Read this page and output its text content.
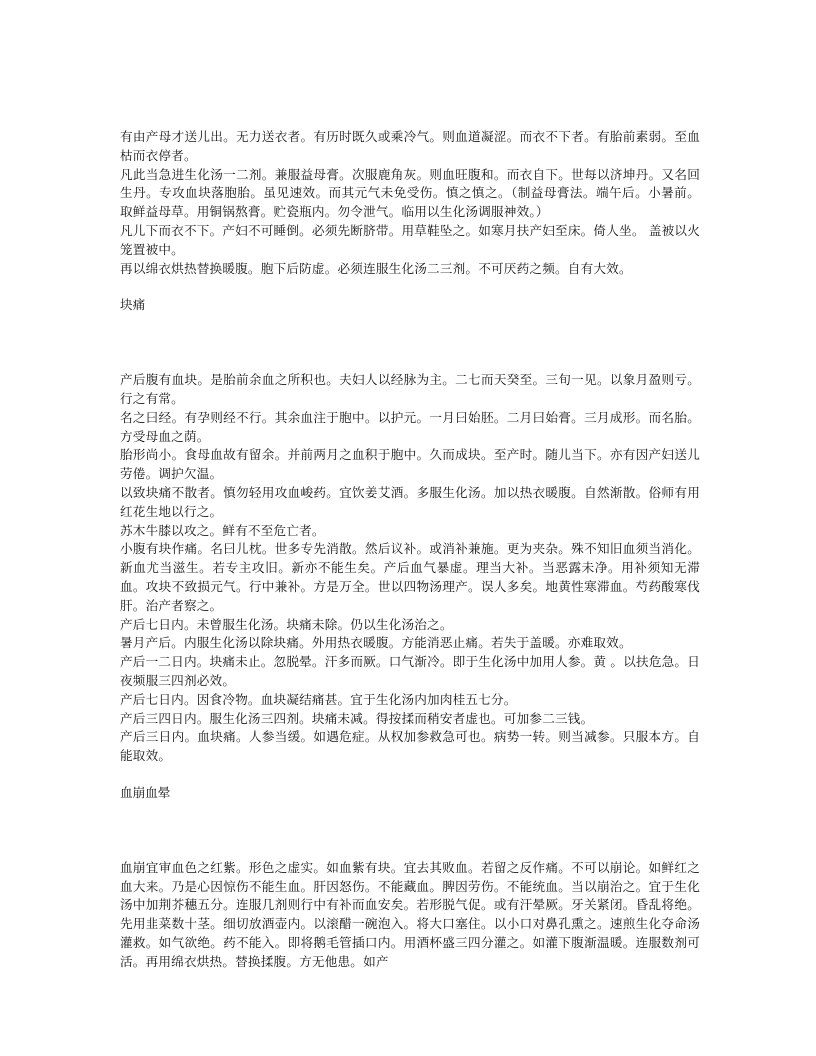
有由产母才送儿出。无力送衣者。有历时既久或乘冷气。则血道凝涩。而衣不下者。有胎前素弱。至血枯而衣停者。

凡此当急进生化汤一二剂。兼服益母膏。次服鹿角灰。则血旺腹和。而衣自下。世每以济坤丹。又名回生丹。专攻血块落胞胎。虽见速效。而其元气未免受伤。慎之慎之。（制益母膏法。端午后。小暑前。取鲜益母草。用铜锅熬膏。贮瓷瓶内。勿令泄气。临用以生化汤调服神效。）

凡儿下而衣不下。产妇不可睡倒。必须先断脐带。用草鞋坠之。如寒月扶产妇至床。倚人坐。 盖被以火笼置被中。

再以绵衣烘热替换暖腹。胞下后防虚。必须连服生化汤二三剂。不可厌药之频。自有大效。

块痛

产后腹有血块。是胎前余血之所积也。夫妇人以经脉为主。二七而天癸至。三旬一见。以象月盈则亏。行之有常。

名之曰经。有孕则经不行。其余血注于胞中。以护元。一月曰始胚。二月曰始膏。三月成形。而名胎。方受母血之荫。

胎形尚小。食母血故有留余。并前两月之血积于胞中。久而成块。至产时。随儿当下。亦有因产妇送儿劳倦。调护欠温。

以致块痛不散者。慎勿轻用攻血峻药。宜饮姜艾酒。多服生化汤。加以热衣暖腹。自然渐散。俗师有用红花生地以行之。

苏木牛膝以攻之。鲜有不至危亡者。

小腹有块作痛。名曰儿枕。世多专先消散。然后议补。或消补兼施。更为夹杂。殊不知旧血须当消化。新血尤当滋生。若专主攻旧。新亦不能生矣。产后血气暴虚。理当大补。当恶露未净。用补须知无滞血。攻块不致损元气。行中兼补。方是万全。世以四物汤理产。误人多矣。地黄性寒滞血。芍药酸寒伐肝。治产者察之。

产后七日内。未曾服生化汤。块痛未除。仍以生化汤治之。

暑月产后。内服生化汤以除块痛。外用热衣暖腹。方能消恶止痛。若失于盖暖。亦难取效。

产后一二日内。块痛未止。忽脱晕。汗多而厥。口气渐冷。即于生化汤中加用人参。黄 。以扶危急。日夜频服三四剂必效。

产后七日内。因食冷物。血块凝结痛甚。宜于生化汤内加肉桂五七分。

产后三四日内。服生化汤三四剂。块痛未减。得按揉而稍安者虚也。可加参二三钱。

产后三日内。血块痛。人参当缓。如遇危症。从权加参救急可也。病势一转。则当减参。只服本方。自能取效。

血崩血晕

血崩宜审血色之红紫。形色之虚实。如血紫有块。宜去其败血。若留之反作痛。不可以崩论。如鲜红之血大来。乃是心因惊伤不能生血。肝因怒伤。不能藏血。脾因劳伤。不能统血。当以崩治之。宜于生化汤中加荆芥穗五分。连服几剂则行中有补而血安矣。若形脱气促。或有汗晕厥。牙关紧闭。昏乱将绝。先用韭菜数十茎。细切放酒壶内。以滚醋一碗泡入。将大口塞住。以小口对鼻孔熏之。速煎生化夺命汤灌救。如气欲绝。药不能入。即将鹅毛管插口内。用酒杯盛三四分灌之。如灌下腹渐温暖。连服数剂可活。再用绵衣烘热。替换揉腹。方无他患。如产
